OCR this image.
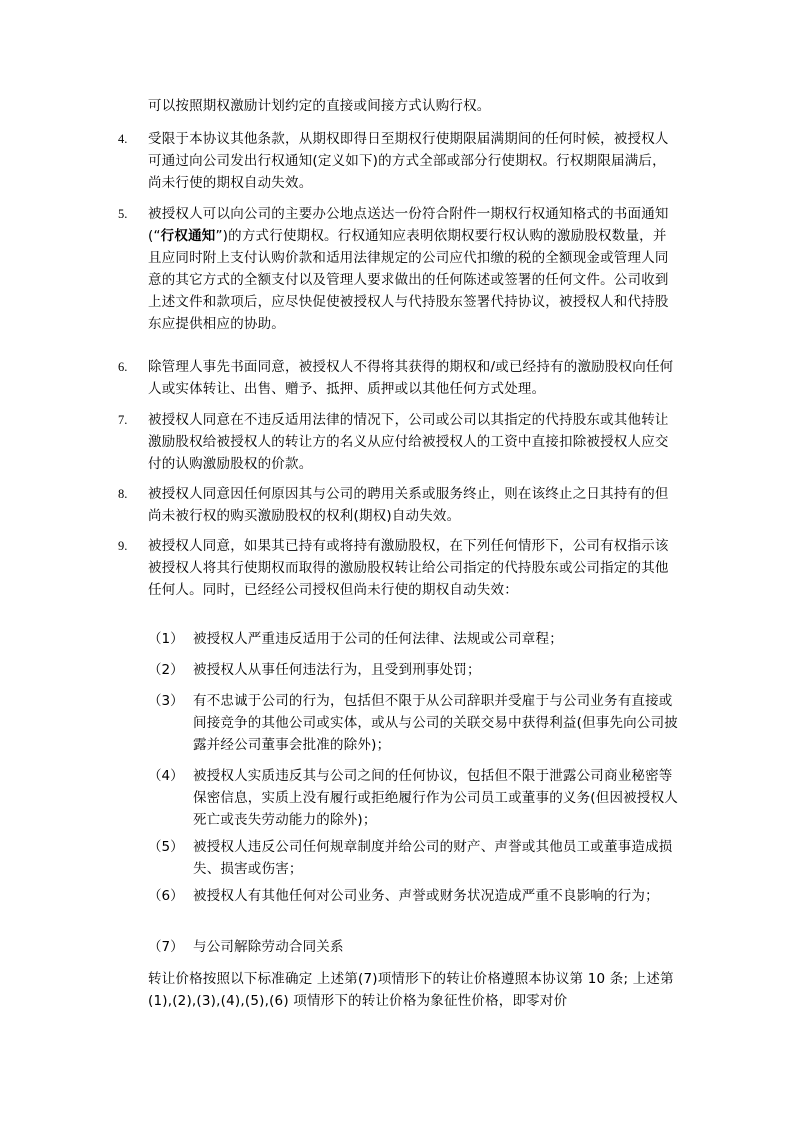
可以按照期权激励计划约定的直接或间接方式认购行权。
4. 受限于本协议其他条款，从期权即得日至期权行使期限届满期间的任何时候，被授权人可通过向公司发出行权通知(定义如下)的方式全部或部分行使期权。行权期限届满后，尚未行使的期权自动失效。
5. 被授权人可以向公司的主要办公地点送达一份符合附件一期权行权通知格式的书面通知(“行权通知”)的方式行使期权。行权通知应表明依期权要行权认购的激励股权数量，并且应同时附上支付认购价款和适用法律规定的公司应代扣缴的税的全额现金或管理人同意的其它方式的全额支付以及管理人要求做出的任何陈述或签署的任何文件。公司收到上述文件和款项后，应尽快促使被授权人与代持股东签署代持协议，被授权人和代持股东应提供相应的协助。
6. 除管理人事先书面同意，被授权人不得将其获得的期权和/或已经持有的激励股权向任何人或实体转让、出售、赠予、抵押、质押或以其他任何方式处理。
7. 被授权人同意在不违反适用法律的情况下，公司或公司以其指定的代持股东或其他转让激励股权给被授权人的转让方的名义从应付给被授权人的工资中直接扣除被授权人应交付的认购激励股权的价款。
8. 被授权人同意因任何原因其与公司的聘用关系或服务终止，则在该终止之日其持有的但尚未被行权的购买激励股权的权利(期权)自动失效。
9. 被授权人同意，如果其已持有或将持有激励股权，在下列任何情形下，公司有权指示该被授权人将其行使期权而取得的激励股权转让给公司指定的代持股东或公司指定的其他任何人。同时，已经经公司授权但尚未行使的期权自动失效：
（1） 被授权人严重违反适用于公司的任何法律、法规或公司章程；
（2） 被授权人从事任何违法行为，且受到刑事处罚；
（3） 有不忠诚于公司的行为，包括但不限于从公司辞职并受雇于与公司业务有直接或间接竞争的其他公司或实体，或从与公司的关联交易中获得利益(但事先向公司披露并经公司董事会批准的除外)；
（4） 被授权人实质违反其与公司之间的任何协议，包括但不限于泄露公司商业秘密等保密信息，实质上没有履行或拒绝履行作为公司员工或董事的义务(但因被授权人死亡或丧失劳动能力的除外)；
（5） 被授权人违反公司任何规章制度并给公司的财产、声誉或其他员工或董事造成损失、损害或伤害；
（6） 被授权人有其他任何对公司业务、声誉或财务状况造成严重不良影响的行为；
（7） 与公司解除劳动合同关系
转让价格按照以下标准确定 上述第(7)项情形下的转让价格遵照本协议第 10 条; 上述第(1),(2),(3),(4),(5),(6) 项情形下的转让价格为象征性价格，即零对价
